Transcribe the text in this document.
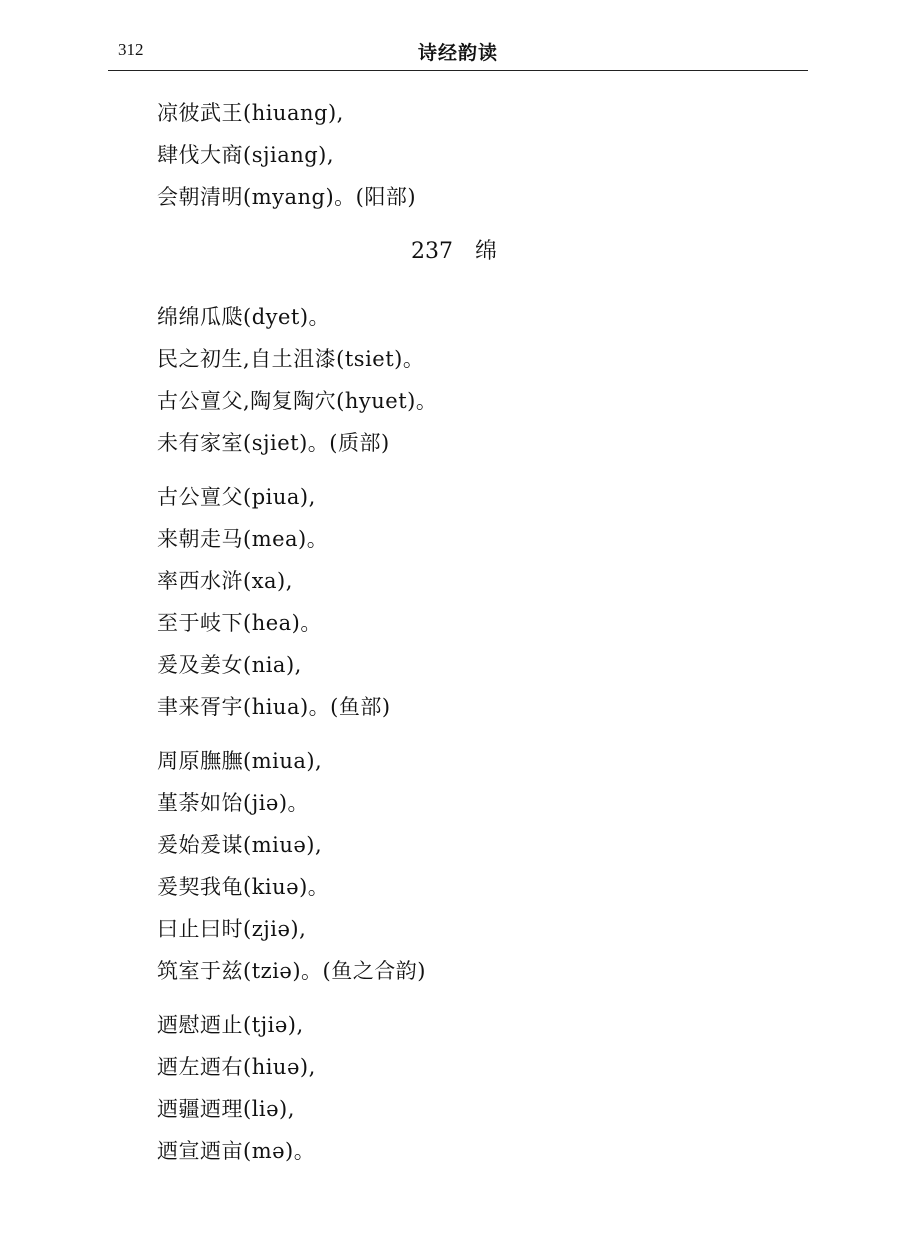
312	诗经韵读
凉彼武王(hiuang),
肆伐大商(sjiang),
会朝清明(myang)。(阳部)
237 绵
绵绵瓜瓞(dyet)。
民之初生,自土沮漆(tsiet)。
古公亶父,陶复陶穴(hyuet)。
未有家室(sjiet)。(质部)
古公亶父(piua),
来朝走马(mea)。
率西水浒(xa),
至于岐下(hea)。
爰及姜女(nia),
聿来胥宇(hiua)。(鱼部)
周原膴膴(miua),
堇荼如饴(jiə)。
爰始爰谋(miuə),
爰契我龟(kiuə)。
曰止曰时(zjiə),
筑室于兹(tziə)。(鱼之合韵)
迺慰迺止(tjiə),
迺左迺右(hiuə),
迺疆迺理(liə),
迺宣迺亩(mə)。
